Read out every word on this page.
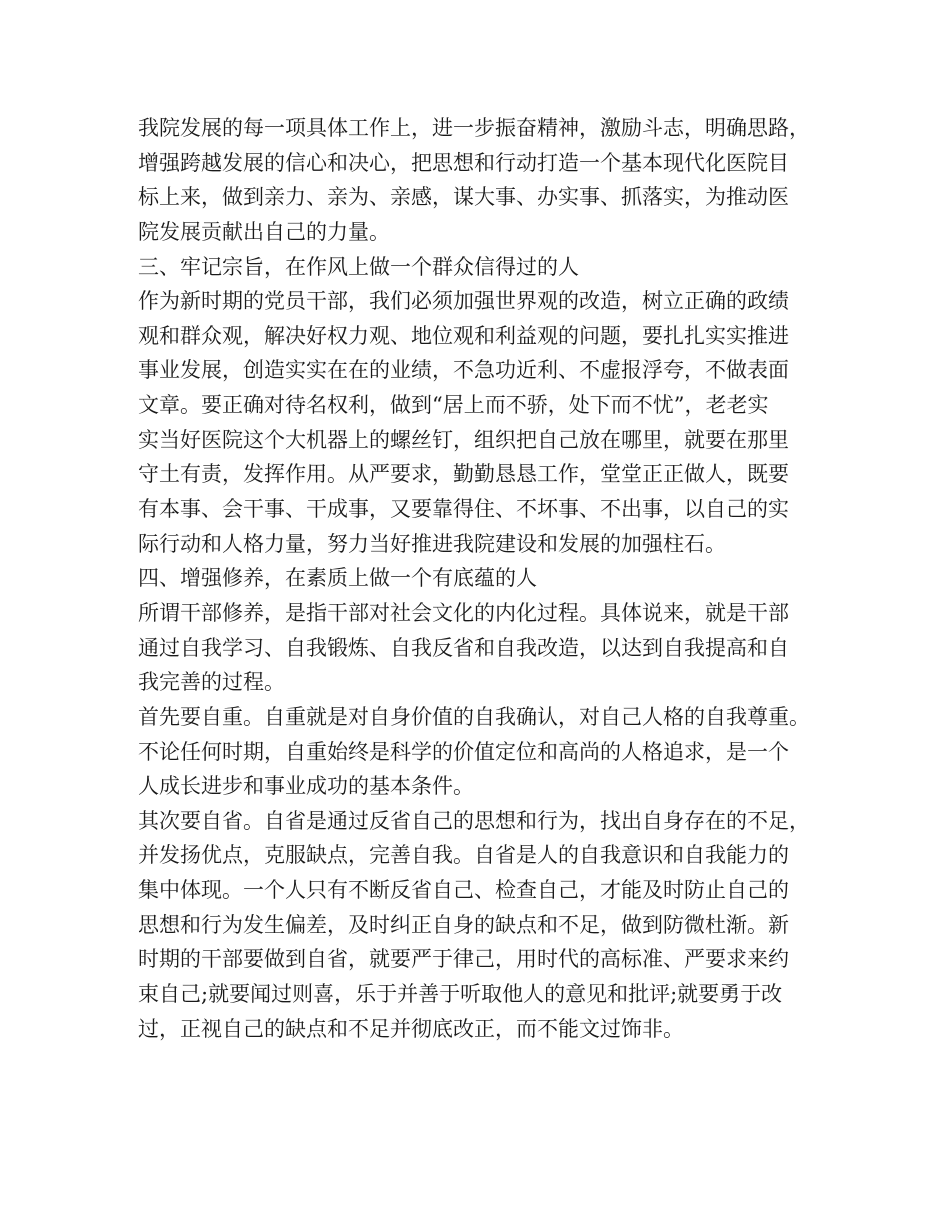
我院发展的每一项具体工作上，进一步振奋精神，激励斗志，明确思路，
增强跨越发展的信心和决心，把思想和行动打造一个基本现代化医院目
标上来，做到亲力、亲为、亲感，谋大事、办实事、抓落实，为推动医
院发展贡献出自己的力量。
三、牢记宗旨，在作风上做一个群众信得过的人
作为新时期的党员干部，我们必须加强世界观的改造，树立正确的政绩
观和群众观，解决好权力观、地位观和利益观的问题，要扎扎实实推进
事业发展，创造实实在在的业绩，不急功近利、不虚报浮夸，不做表面
文章。要正确对待名权利，做到“居上而不骄，处下而不忧”，老老实
实当好医院这个大机器上的螺丝钉，组织把自己放在哪里，就要在那里
守土有责，发挥作用。从严要求，勤勤恳恳工作，堂堂正正做人，既要
有本事、会干事、干成事，又要靠得住、不坏事、不出事，以自己的实
际行动和人格力量，努力当好推进我院建设和发展的加强柱石。
四、增强修养，在素质上做一个有底蕴的人
所谓干部修养，是指干部对社会文化的内化过程。具体说来，就是干部
通过自我学习、自我锻炼、自我反省和自我改造，以达到自我提高和自
我完善的过程。
首先要自重。自重就是对自身价值的自我确认，对自己人格的自我尊重。
不论任何时期，自重始终是科学的价值定位和高尚的人格追求，是一个
人成长进步和事业成功的基本条件。
其次要自省。自省是通过反省自己的思想和行为，找出自身存在的不足，
并发扬优点，克服缺点，完善自我。自省是人的自我意识和自我能力的
集中体现。一个人只有不断反省自己、检查自己，才能及时防止自己的
思想和行为发生偏差，及时纠正自身的缺点和不足，做到防微杜渐。新
时期的干部要做到自省，就要严于律己，用时代的高标准、严要求来约
束自己;就要闻过则喜，乐于并善于听取他人的意见和批评;就要勇于改
过，正视自己的缺点和不足并彻底改正，而不能文过饰非。
